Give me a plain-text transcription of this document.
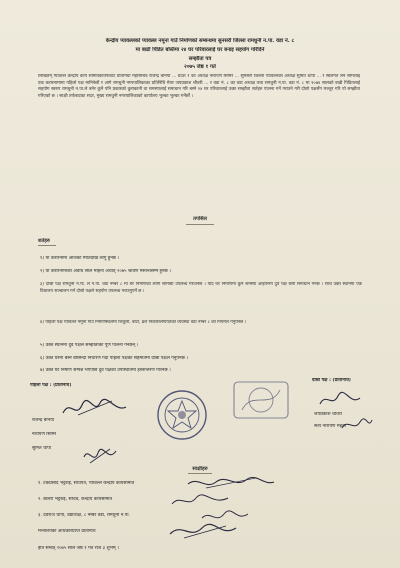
केन्द्रीय प्यावल्लको प्यावल्ल नमूना गाउँ निर्माणको सम्बन्धमा सुनसरी जिल्ला रामधुनी न.पा. वडा नं. ८
मा बाढी पिडित बस्तिमा २४ घर परिवारलाई घर बनाइ सहयोग गरिदिने
सम्झौता पत्र
२०७५ जेष्ठ १ गते
लिखितम् प्यावल्ल केन्द्रीय कार्य समितिकातर्फबाट प्रतिनिधी महासचिव राजेन्द्र बनिया ... प्रदेश १ का अध्यक्ष नारायण सिमिरे ... सुमसरी जिल्ला प्यावल्लका अध्यक्ष सुमित थापा ... र स्थलगत लेन सोमलाई एक करारनामामा पहिलो पक्ष मानिनेछौ र आगे रामधुनी नगरपालिकाका प्रतिनिधि मेयर जयप्रकाश चौधरी ... र वडा नं. ८ का वडा अध्यक्ष तथा रामधुनी न.पा. वडा नं. ८ मा २०७४ सालको बाढी पिडितलाई सहयोग स्वरुप रामधुनी न.पा.ले बनेर कुनै पनि प्रकारको कुराकानी वा समस्यालाई समाधान गरि बस्ने २४ घर परिवारलाई उक्त सम्झौता सर्तहरु पालना गर्ने गराउने गरी दोस्रो पक्षसँग मञ्जुर गरि यो सम्झौता गरिएको छ । साक्षी तर्फबाटका सदर, मुख्य रामधुनी नगरपालिकाको कार्यालय भुल्का भुल्का गर्नेछौं ।
तपसिल
शर्तहरु
१) यो करारनामा आजको मितिदेखि लागु हुनेछ ।
२) यो करारनामाको अवधि साल महिना अर्थात् २०७५ श्रावण मसान्तसम्म हुनेछ ।
३) दोस्रो पक्ष रामधुनी न.पा. ले न.पा. वडा नम्बर ८ मा घर निर्माणको लागि सामाग्री उपलब्ध गराउनेछ । यदि घर निर्माणमा कुनै समस्या आइपरेमा दुवै पक्ष बसी समाधान गर्नेछ । साथै उक्त स्थानमा एक विधालय सञ्चालन गर्न दोस्रो पक्षले सहयोग उपलब्ध गराउनुपर्ने छ ।
४) पहिलो पक्ष प्यावल्ल नमूना गाउँ निर्माणस्थलमा बिजुली, बाटो, ढल निकासलगायतको व्यवस्था वडा नम्बर ८ को नियमले गर्नुपर्नेछ ।
५) उक्त स्थानमा दुवै पक्षले सम्झौताको पूर्ण पालना गर्नेछन् ।
६) उक्त घरमा बस्ने बासिन्दा निर्धारण गर्दा पहिलो पक्षको सहमतिमा दोस्रो पक्षले गर्नुपर्नेछ ।
७) उक्त घर निर्माण सम्पन्न भएपछि दुवै पक्षको उपस्थितिमा हस्तान्तरण गरिनेछ ।
पहिलो पक्ष : (प्रतिनिधि)
राजेन्द्र बनिया
नारायण सिमिरे
सुमित थापा
दोस्रो पक्ष : (प्रतिनिधि)
जयप्रकाश चौधरी
सत्य नारायण मेहता
साक्षीहरु
१. टंकप्रसाद भट्टराई, सोधपत्र, प्यावल्ल केन्द्रीय कार्यसमिति
२. बालरी भट्टराई, सचिव, केन्द्रीय कार्यसमिति
३. देवराज थापा, वडाध्यक्ष, ८ नम्बर वडा, रामधुनी न.पा.
मन्त्रीलयको अधिकारप्राप्त प्रतिनिधि
इति सम्वत् २०७५ साल जेष्ठ १ गते रोज ३ शुभम् ।
